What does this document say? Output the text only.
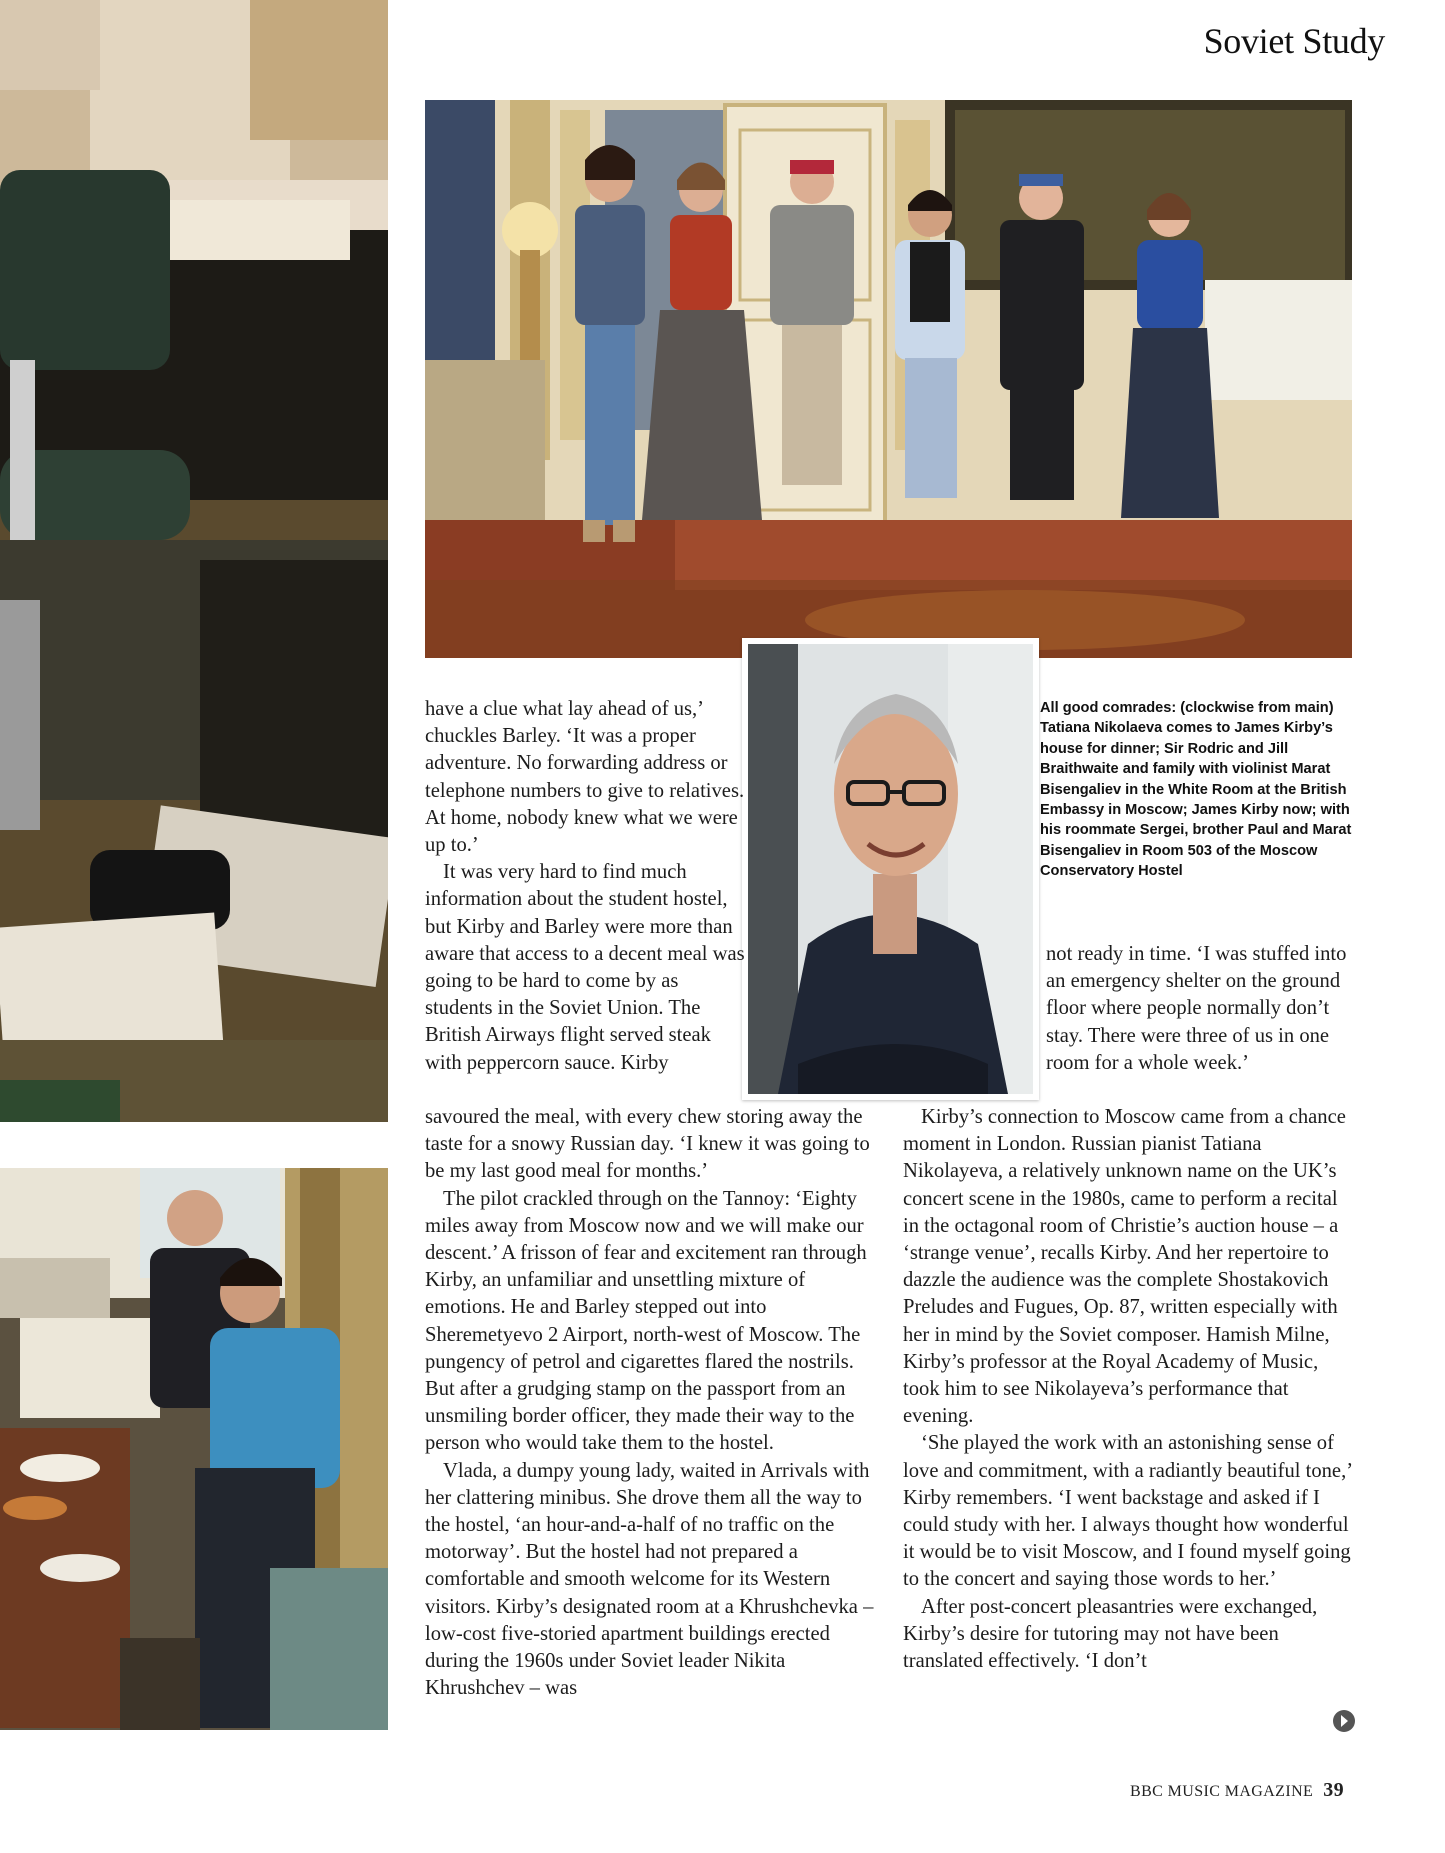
Soviet Study
All good comrades: (clockwise from main) Tatiana Nikolaeva comes to James Kirby’s house for dinner; Sir Rodric and Jill Braithwaite and family with violinist Marat Bisengaliev in the White Room at the British Embassy in Moscow; James Kirby now; with his roommate Sergei, brother Paul and Marat Bisengaliev in Room 503 of the Moscow Conservatory Hostel

have a clue what lay ahead of us,’ chuckles Barley. ‘It was a proper adventure. No forwarding address or telephone numbers to give to relatives. At home, nobody knew what we were up to.’

It was very hard to find much information about the student hostel, but Kirby and Barley were more than aware that access to a decent meal was going to be hard to come by as students in the Soviet Union. The British Airways flight served steak with peppercorn sauce. Kirby

savoured the meal, with every chew storing away the taste for a snowy Russian day. ‘I knew it was going to be my last good meal for months.’

The pilot crackled through on the Tannoy: ‘Eighty miles away from Moscow now and we will make our descent.’ A frisson of fear and excitement ran through Kirby, an unfamiliar and unsettling mixture of emotions. He and Barley stepped out into Sheremetyevo 2 Airport, north-west of Moscow. The pungency of petrol and cigarettes flared the nostrils. But after a grudging stamp on the passport from an unsmiling border officer, they made their way to the person who would take them to the hostel.

Vlada, a dumpy young lady, waited in Arrivals with her clattering minibus. She drove them all the way to the hostel, ‘an hour-and-a-half of no traffic on the motorway’. But the hostel had not prepared a comfortable and smooth welcome for its Western visitors. Kirby’s designated room at a Khrushchevka – low-cost five-storied apartment buildings erected during the 1960s under Soviet leader Nikita Khrushchev – was

not ready in time. ‘I was stuffed into an emergency shelter on the ground floor where people normally don’t stay. There were three of us in one room for a whole week.’

Kirby’s connection to Moscow came from a chance moment in London. Russian pianist Tatiana Nikolayeva, a relatively unknown name on the UK’s concert scene in the 1980s, came to perform a recital in the octagonal room of Christie’s auction house – a ‘strange venue’, recalls Kirby. And her repertoire to dazzle the audience was the complete Shostakovich Preludes and Fugues, Op. 87, written especially with her in mind by the Soviet composer. Hamish Milne, Kirby’s professor at the Royal Academy of Music, took him to see Nikolayeva’s performance that evening.

‘She played the work with an astonishing sense of love and commitment, with a radiantly beautiful tone,’ Kirby remembers. ‘I went backstage and asked if I could study with her. I always thought how wonderful it would be to visit Moscow, and I found myself going to the concert and saying those words to her.’

After post-concert pleasantries were exchanged, Kirby’s desire for tutoring may not have been translated effectively. ‘I don’t

BBC MUSIC MAGAZINE 39
